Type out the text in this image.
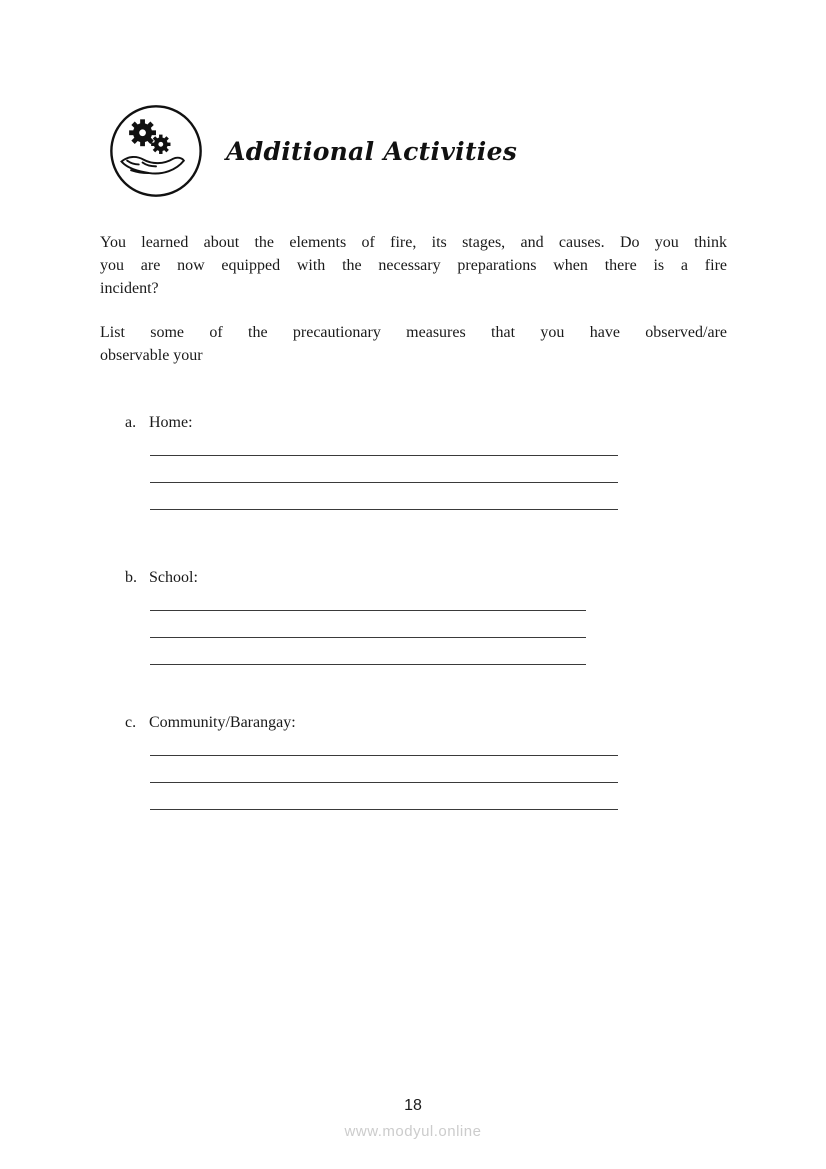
Additional Activities
You learned about the elements of fire, its stages, and causes. Do you think
you are now equipped with the necessary preparations when there is a fire
incident?
List some of the precautionary measures that you have observed/are
observable your
a. Home:
b. School:
c. Community/Barangay:
18
www.modyul.online
